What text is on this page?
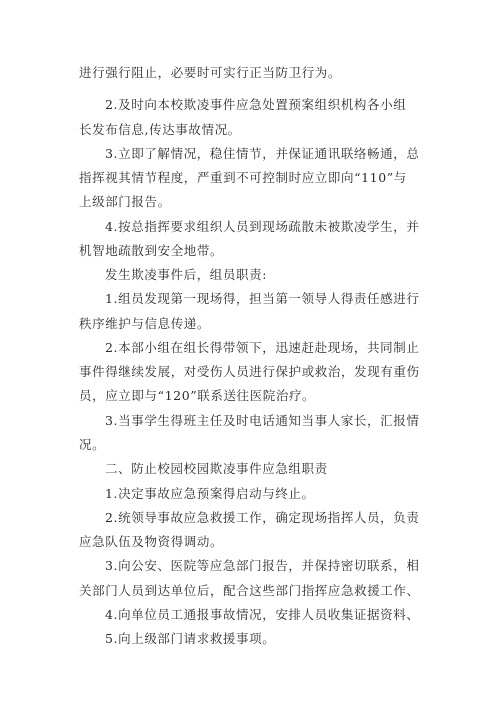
进行强行阻止，必要时可实行正当防卫行为。

2.及时向本校欺凌事件应急处置预案组织机构各小组

长发布信息,传达事故情况。

3.立即了解情况，稳住情节，并保证通讯联络畅通，总

指挥视其情节程度，严重到不可控制时应立即向“110”与

上级部门报告。

4.按总指挥要求组织人员到现场疏散未被欺凌学生，并

机智地疏散到安全地带。

发生欺凌事件后，组员职责:

1.组员发现第一现场得，担当第一领导人得责任感进行

秩序维护与信息传递。

2.本部小组在组长得带领下，迅速赶赴现场，共同制止

事件得继续发展，对受伤人员进行保护或救治，发现有重伤

员，应立即与“120”联系送往医院治疗。

3.当事学生得班主任及时电话通知当事人家长，汇报情

况。

二、防止校园校园欺凌事件应急组职责

1.决定事故应急预案得启动与终止。

2.统领导事故应急救援工作，确定现场指挥人员，负责

应急队伍及物资得调动。

3.向公安、医院等应急部门报告，并保持密切联系，相

关部门人员到达单位后，配合这些部门指挥应急救援工作、

4.向单位员工通报事故情况，安排人员收集证据资料、

5.向上级部门请求救援事项。
